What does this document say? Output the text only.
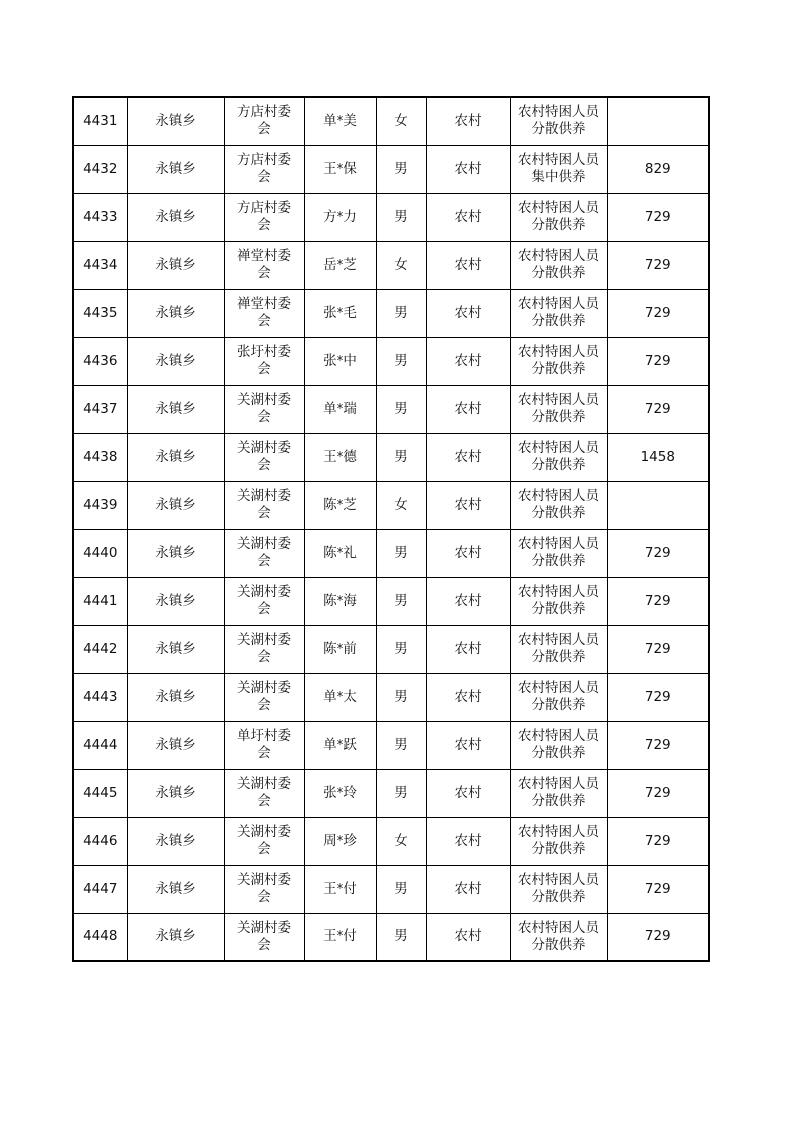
4431	永镇乡	方店村委会	单*美	女	农村	农村特困人员分散供养	
4432	永镇乡	方店村委会	王*保	男	农村	农村特困人员集中供养	829
4433	永镇乡	方店村委会	方*力	男	农村	农村特困人员分散供养	729
4434	永镇乡	禅堂村委会	岳*芝	女	农村	农村特困人员分散供养	729
4435	永镇乡	禅堂村委会	张*毛	男	农村	农村特困人员分散供养	729
4436	永镇乡	张圩村委会	张*中	男	农村	农村特困人员分散供养	729
4437	永镇乡	关湖村委会	单*瑞	男	农村	农村特困人员分散供养	729
4438	永镇乡	关湖村委会	王*德	男	农村	农村特困人员分散供养	1458
4439	永镇乡	关湖村委会	陈*芝	女	农村	农村特困人员分散供养	
4440	永镇乡	关湖村委会	陈*礼	男	农村	农村特困人员分散供养	729
4441	永镇乡	关湖村委会	陈*海	男	农村	农村特困人员分散供养	729
4442	永镇乡	关湖村委会	陈*前	男	农村	农村特困人员分散供养	729
4443	永镇乡	关湖村委会	单*太	男	农村	农村特困人员分散供养	729
4444	永镇乡	单圩村委会	单*跃	男	农村	农村特困人员分散供养	729
4445	永镇乡	关湖村委会	张*玲	男	农村	农村特困人员分散供养	729
4446	永镇乡	关湖村委会	周*珍	女	农村	农村特困人员分散供养	729
4447	永镇乡	关湖村委会	王*付	男	农村	农村特困人员分散供养	729
4448	永镇乡	关湖村委会	王*付	男	农村	农村特困人员分散供养	729
